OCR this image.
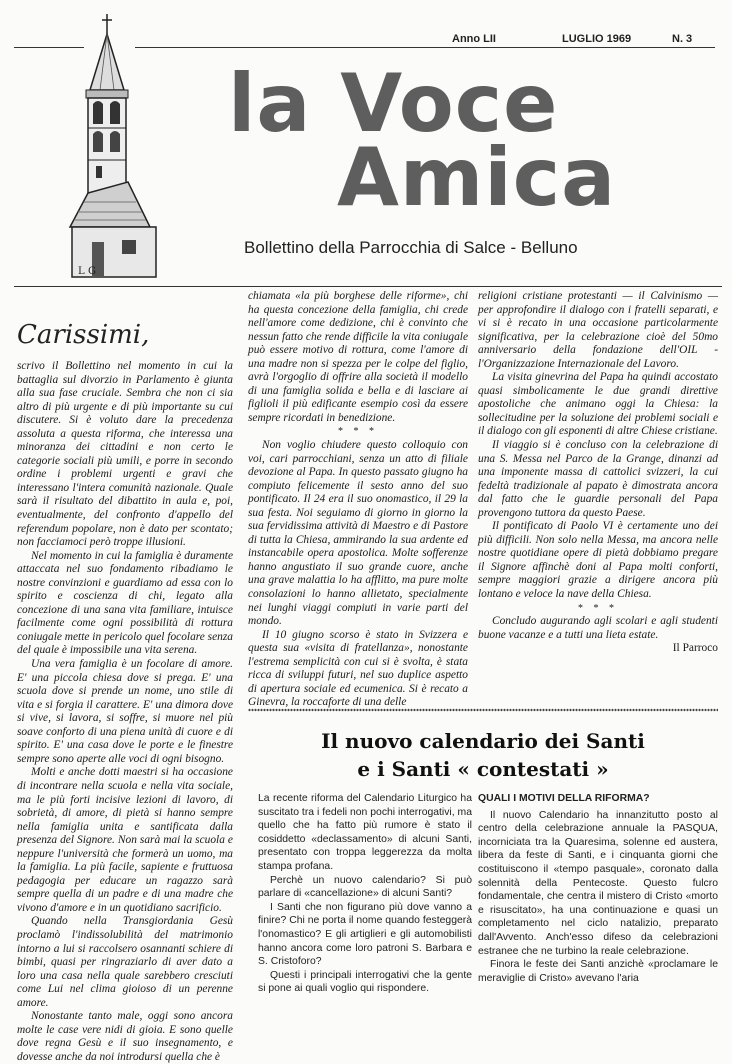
Anno LII	LUGLIO 1969	N. 3
L G
la Voce
Amica
Bollettino della Parrocchia di Salce - Belluno
Carissimi,

scrivo il Bollettino nel momento in cui la battaglia sul divorzio in Parlamento è giunta alla sua fase cruciale. Sembra che non ci sia altro di più urgente e di più importante su cui discutere. Si è voluto dare la precedenza assoluta a questa riforma, che interessa una minoranza dei cittadini e non certo le categorie sociali più umili, e porre in secondo ordine i problemi urgenti e gravi che interessano l'intera comunità nazionale. Quale sarà il risultato del dibattito in aula e, poi, eventualmente, del confronto d'appello del referendum popolare, non è dato per scontato; non facciamoci però troppe illusioni.

Nel momento in cui la famiglia è duramente attaccata nel suo fondamento ribadiamo le nostre convinzioni e guardiamo ad essa con lo spirito e coscienza di chi, legato alla concezione di una sana vita familiare, intuisce facilmente come ogni possibilità di rottura coniugale mette in pericolo quel focolare senza del quale è impossibile una vita serena.

Una vera famiglia è un focolare di amore. E' una piccola chiesa dove si prega. E' una scuola dove si prende un nome, uno stile di vita e si forgia il carattere. E' una dimora dove si vive, si lavora, si soffre, si muore nel più soave conforto di una piena unità di cuore e di spirito. E' una casa dove le porte e le finestre sempre sono aperte alle voci di ogni bisogno.

Molti e anche dotti maestri si ha occasione di incontrare nella scuola e nella vita sociale, ma le più forti incisive lezioni di lavoro, di sobrietà, di amore, di pietà si hanno sempre nella famiglia unita e santificata dalla presenza del Signore. Non sarà mai la scuola e neppure l'università che formerà un uomo, ma la famiglia. La più facile, sapiente e fruttuosa pedagogia per educare un ragazzo sarà sempre quella di un padre e di una madre che vivono d'amore e in un quotidiano sacrificio.

Quando nella Transgiordania Gesù proclamò l'indissolubilità del matrimonio intorno a lui si raccolsero osannanti schiere di bimbi, quasi per ringraziarlo di aver dato a loro una casa nella quale sarebbero cresciuti come Lui nel clima gioioso di un perenne amore.

Nonostante tanto male, oggi sono ancora molte le case vere nidi di gioia. E sono quelle dove regna Gesù e il suo insegnamento, e dovesse anche da noi introdursi quella che è

chiamata «la più borghese delle riforme», chi ha questa concezione della famiglia, chi crede nell'amore come dedizione, chi è convinto che nessun fatto che rende difficile la vita coniugale può essere motivo di rottura, come l'amore di una madre non si spezza per le colpe del figlio, avrà l'orgoglio di offrire alla società il modello di una famiglia solida e bella e di lasciare ai figlioli il più edificante esempio così da essere sempre ricordati in benedizione.

* * *

Non voglio chiudere questo colloquio con voi, cari parrocchiani, senza un atto di filiale devozione al Papa. In questo passato giugno ha compiuto felicemente il sesto anno del suo pontificato. Il 24 era il suo onomastico, il 29 la sua festa. Noi seguiamo di giorno in giorno la sua fervidissima attività di Maestro e di Pastore di tutta la Chiesa, ammirando la sua ardente ed instancabile opera apostolica. Molte sofferenze hanno angustiato il suo grande cuore, anche una grave malattia lo ha afflitto, ma pure molte consolazioni lo hanno allietato, specialmente nei lunghi viaggi compiuti in varie parti del mondo.

Il 10 giugno scorso è stato in Svizzera e questa sua «visita di fratellanza», nonostante l'estrema semplicità con cui si è svolta, è stata ricca di sviluppi futuri, nel suo duplice aspetto di apertura sociale ed ecumenica. Si è recato a Ginevra, la roccaforte di una delle

religioni cristiane protestanti — il Calvinismo — per approfondire il dialogo con i fratelli separati, e vi si è recato in una occasione particolarmente significativa, per la celebrazione cioè del 50mo anniversario della fondazione dell'OIL - l'Organizzazione Internazionale del Lavoro.

La visita ginevrina del Papa ha quindi accostato quasi simbolicamente le due grandi direttive apostoliche che animano oggi la Chiesa: la sollecitudine per la soluzione dei problemi sociali e il dialogo con gli esponenti di altre Chiese cristiane.

Il viaggio si è concluso con la celebrazione di una S. Messa nel Parco de la Grange, dinanzi ad una imponente massa di cattolici svizzeri, la cui fedeltà tradizionale al papato è dimostrata ancora dal fatto che le guardie personali del Papa provengono tuttora da questo Paese.

Il pontificato di Paolo VI è certamente uno dei più difficili. Non solo nella Messa, ma ancora nelle nostre quotidiane opere di pietà dobbiamo pregare il Signore affinchè doni al Papa molti conforti, sempre maggiori grazie a dirigere ancora più lontano e veloce la nave della Chiesa.

* * *

Concludo augurando agli scolari e agli studenti buone vacanze e a tutti una lieta estate.

Il Parroco

Il nuovo calendario dei Santi
e i Santi « contestati »

La recente riforma del Calendario Liturgico ha suscitato tra i fedeli non pochi interrogativi, ma quello che ha fatto più rumore è stato il cosiddetto «declassamento» di alcuni Santi, presentato con troppa leggerezza da molta stampa profana.

Perchè un nuovo calendario? Si può parlare di «cancellazione» di alcuni Santi?

I Santi che non figurano più dove vanno a finire? Chi ne porta il nome quando festeggerà l'onomastico? E gli artiglieri e gli automobilisti hanno ancora come loro patroni S. Barbara e S. Cristoforo?

Questi i principali interrogativi che la gente si pone ai quali voglio qui rispondere.

QUALI I MOTIVI DELLA RIFORMA?

Il nuovo Calendario ha innanzitutto posto al centro della celebrazione annuale la PASQUA, incorniciata tra la Quaresima, solenne ed austera, libera da feste di Santi, e i cinquanta giorni che costituiscono il «tempo pasquale», coronato dalla solennità della Pentecoste. Questo fulcro fondamentale, che centra il mistero di Cristo «morto e risuscitato», ha una continuazione e quasi un completamento nel ciclo natalizio, preparato dall'Avvento. Anch'esso difeso da celebrazioni estranee che ne turbino la reale celebrazione.

Finora le feste dei Santi anzichè «proclamare le meraviglie di Cristo» avevano l'aria
